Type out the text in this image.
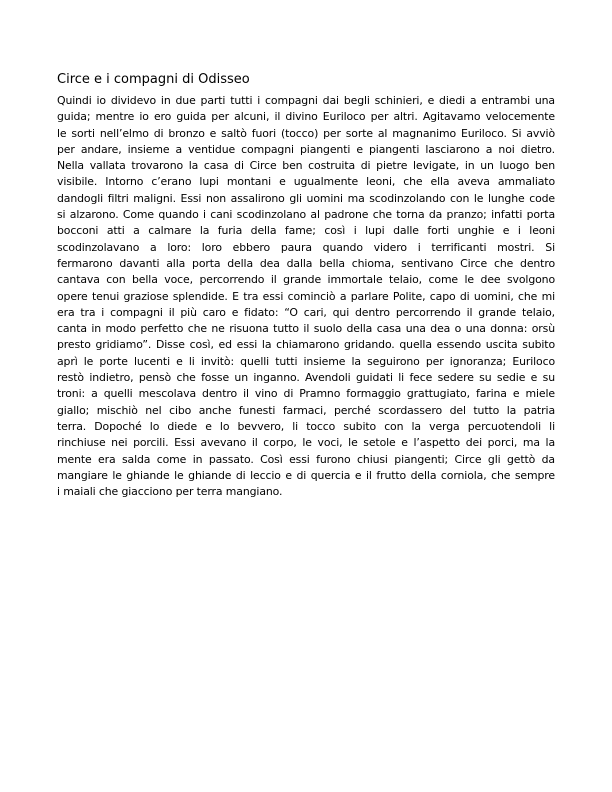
Circe e i compagni di Odisseo
Quindi io dividevo in due parti tutti i compagni dai begli schinieri, e diedi a entrambi una
guida; mentre io ero guida per alcuni, il divino Euriloco per altri. Agitavamo velocemente
le sorti nell’elmo di bronzo e saltò fuori (tocco) per sorte al magnanimo Euriloco. Si avviò
per andare, insieme a ventidue compagni piangenti e piangenti lasciarono a noi dietro.
Nella vallata trovarono la casa di Circe ben costruita di pietre levigate, in un luogo ben
visibile. Intorno c’erano lupi montani e ugualmente leoni, che ella aveva ammaliato
dandogli filtri maligni. Essi non assalirono gli uomini ma scodinzolando con le lunghe code
si alzarono. Come quando i cani scodinzolano al padrone che torna da pranzo; infatti porta
bocconi atti a calmare la furia della fame; così i lupi dalle forti unghie e i leoni
scodinzolavano a loro: loro ebbero paura quando videro i terrificanti mostri. Si
fermarono davanti alla porta della dea dalla bella chioma, sentivano Circe che dentro
cantava con bella voce, percorrendo il grande immortale telaio, come le dee svolgono
opere tenui graziose splendide. E tra essi cominciò a parlare Polite, capo di uomini, che mi
era tra i compagni il più caro e fidato: “O cari, qui dentro percorrendo il grande telaio,
canta in modo perfetto che ne risuona tutto il suolo della casa una dea o una donna: orsù
presto gridiamo”. Disse così, ed essi la chiamarono gridando. quella essendo uscita subito
aprì le porte lucenti e li invitò: quelli tutti insieme la seguirono per ignoranza; Euriloco
restò indietro, pensò che fosse un inganno. Avendoli guidati li fece sedere su sedie e su
troni: a quelli mescolava dentro il vino di Pramno formaggio grattugiato, farina e miele
giallo; mischiò nel cibo anche funesti farmaci, perché scordassero del tutto la patria
terra. Dopoché lo diede e lo bevvero, li tocco subito con la verga percuotendoli li
rinchiuse nei porcili. Essi avevano il corpo, le voci, le setole e l’aspetto dei porci, ma la
mente era salda come in passato. Così essi furono chiusi piangenti; Circe gli gettò da
mangiare le ghiande le ghiande di leccio e di quercia e il frutto della corniola, che sempre
i maiali che giacciono per terra mangiano.
